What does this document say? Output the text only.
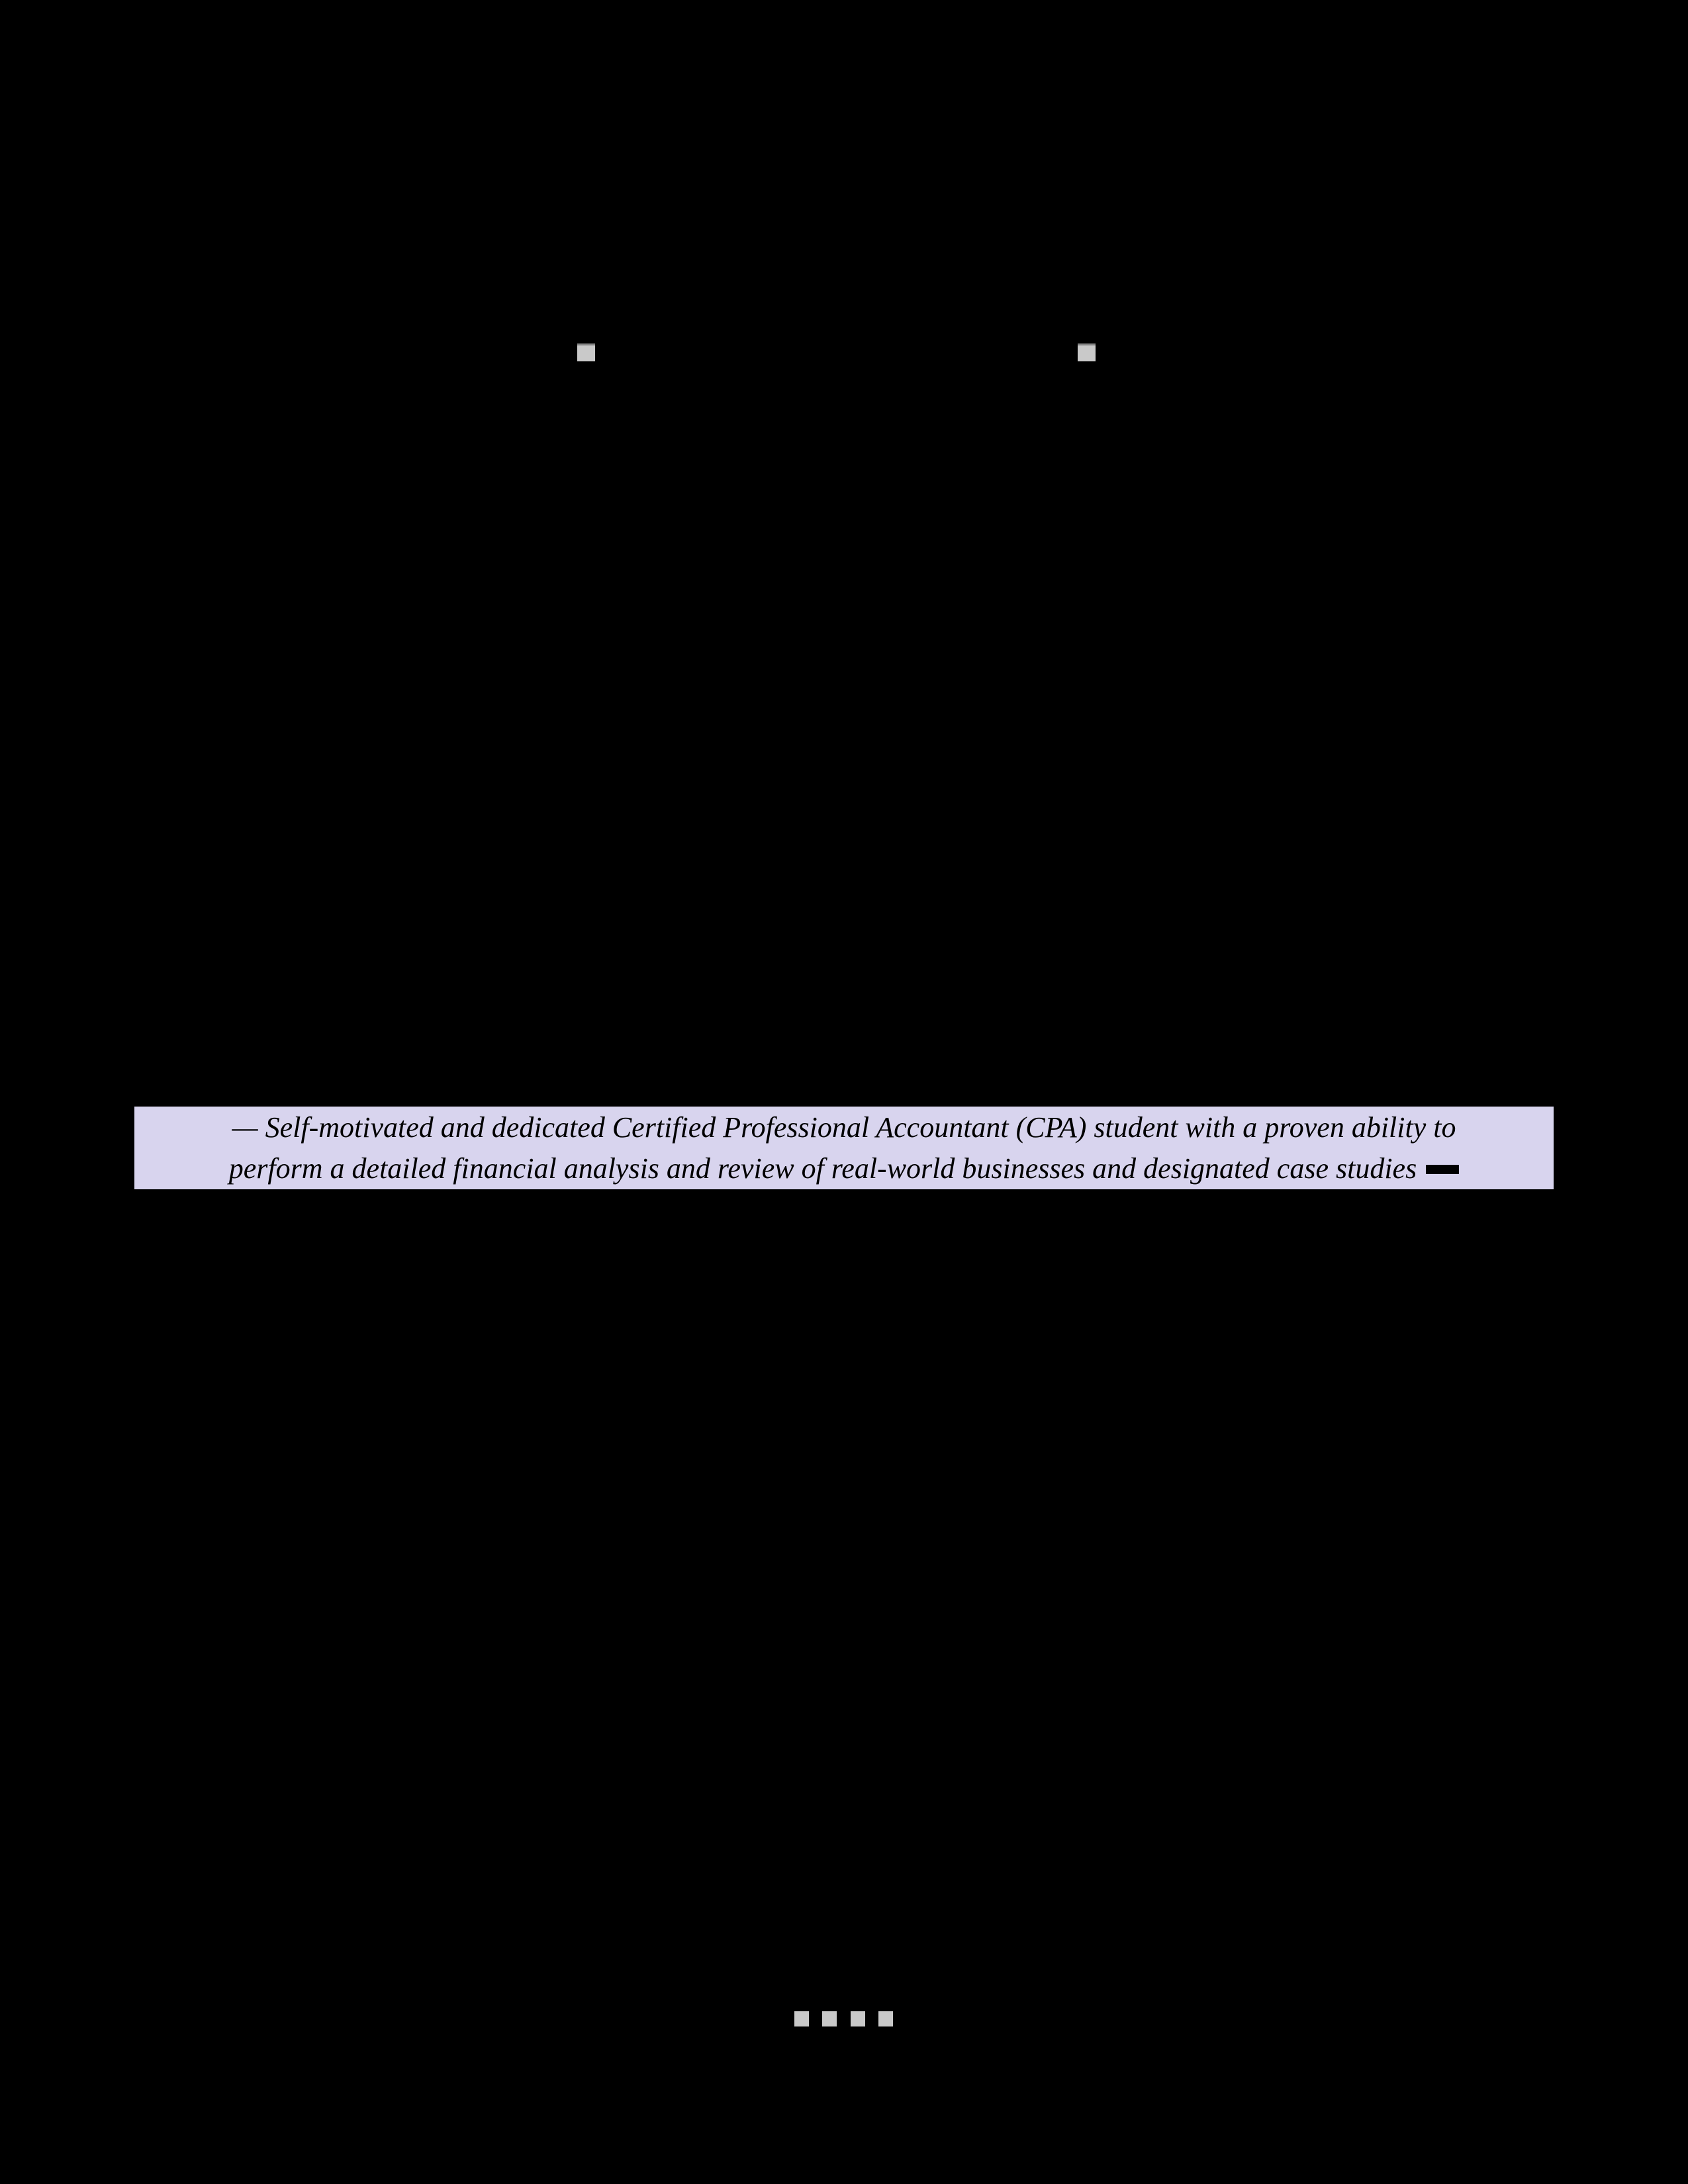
— Self-motivated and dedicated Certified Professional Accountant (CPA) student with a proven ability to
perform a detailed financial analysis and review of real-world businesses and designated case studies
